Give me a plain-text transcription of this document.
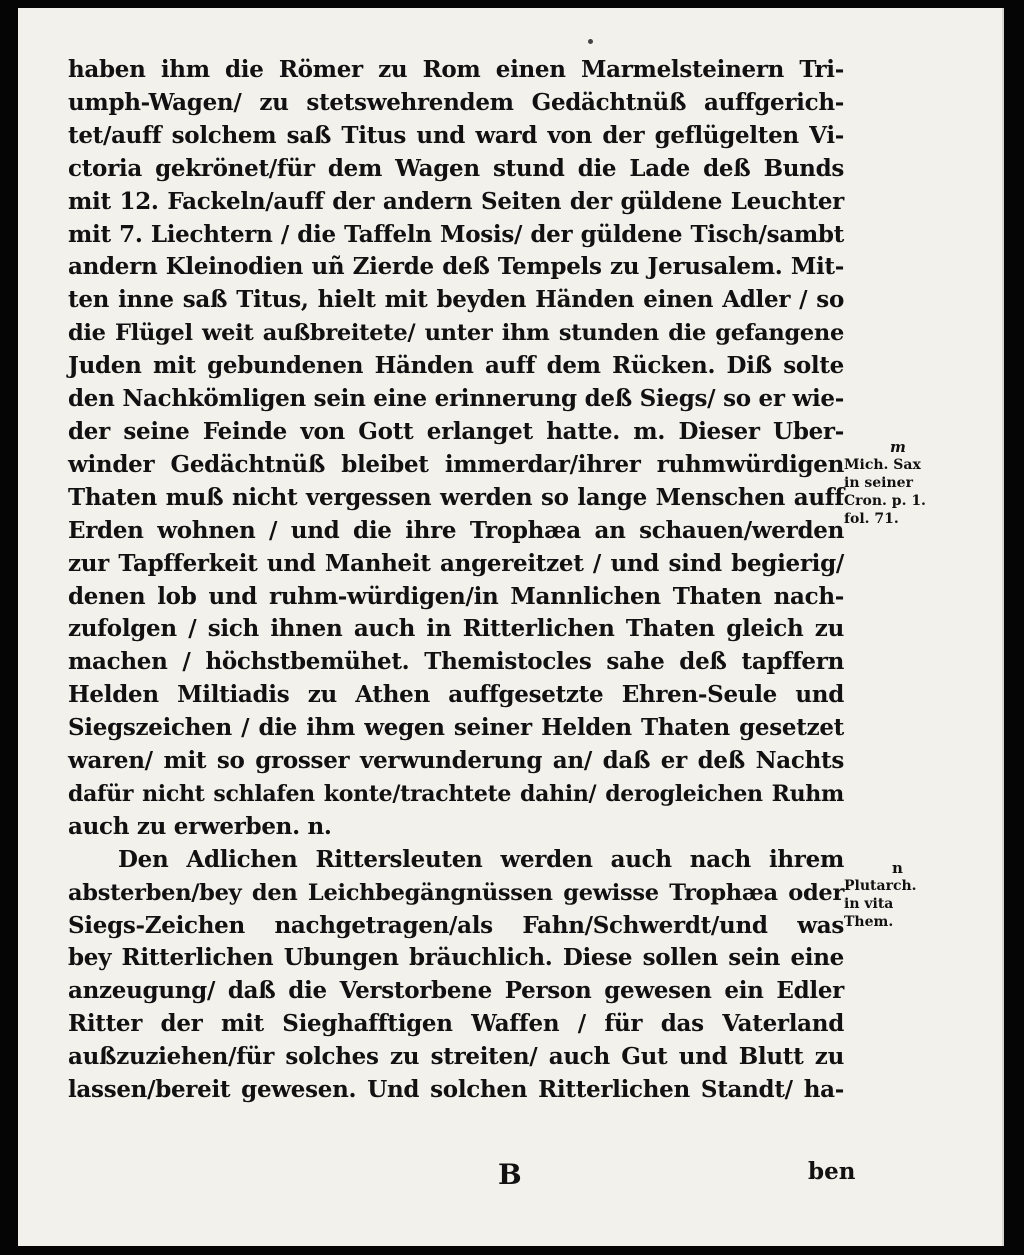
haben ihm die Römer zu Rom einen Marmelsteinern Tri-
umph-Wagen/ zu stetswehrendem Gedächtnüß auffgerich-
tet/auff solchem saß Titus und ward von der geflügelten Vi-
ctoria gekrönet/für dem Wagen stund die Lade deß Bunds
mit 12. Fackeln/auff der andern Seiten der güldene Leuchter
mit 7. Liechtern / die Taffeln Mosis/ der güldene Tisch/sambt
andern Kleinodien uñ Zierde deß Tempels zu Jerusalem. Mit-
ten inne saß Titus, hielt mit beyden Händen einen Adler / so
die Flügel weit außbreitete/ unter ihm stunden die gefangene
Juden mit gebundenen Händen auff dem Rücken. Diß solte
den Nachkömligen sein eine erinnerung deß Siegs/ so er wie-
der seine Feinde von Gott erlanget hatte. m. Dieser Uber-
winder Gedächtnüß bleibet immerdar/ihrer ruhmwürdigen
Thaten muß nicht vergessen werden so lange Menschen auff
Erden wohnen / und die ihre Trophæa an schauen/werden
zur Tapfferkeit und Manheit angereitzet / und sind begierig/
denen lob und ruhm-würdigen/in Mannlichen Thaten nach-
zufolgen / sich ihnen auch in Ritterlichen Thaten gleich zu
machen / höchstbemühet. Themistocles sahe deß tapffern
Helden Miltiadis zu Athen auffgesetzte Ehren-Seule und
Siegszeichen / die ihm wegen seiner Helden Thaten gesetzet
waren/ mit so grosser verwunderung an/ daß er deß Nachts
dafür nicht schlafen konte/trachtete dahin/ derogleichen Ruhm
auch zu erwerben. n.
Den Adlichen Rittersleuten werden auch nach ihrem
absterben/bey den Leichbegängnüssen gewisse Trophæa oder
Siegs-Zeichen nachgetragen/als Fahn/Schwerdt/und was
bey Ritterlichen Ubungen bräuchlich. Diese sollen sein eine
anzeugung/ daß die Verstorbene Person gewesen ein Edler
Ritter der mit Sieghafftigen Waffen / für das Vaterland
außzuziehen/für solches zu streiten/ auch Gut und Blutt zu
lassen/bereit gewesen. Und solchen Ritterlichen Standt/ ha-
m
Mich. Sax
in seiner
Cron. p. 1.
fol. 71.
n
Plutarch.
in vita
Them.
B	ben
